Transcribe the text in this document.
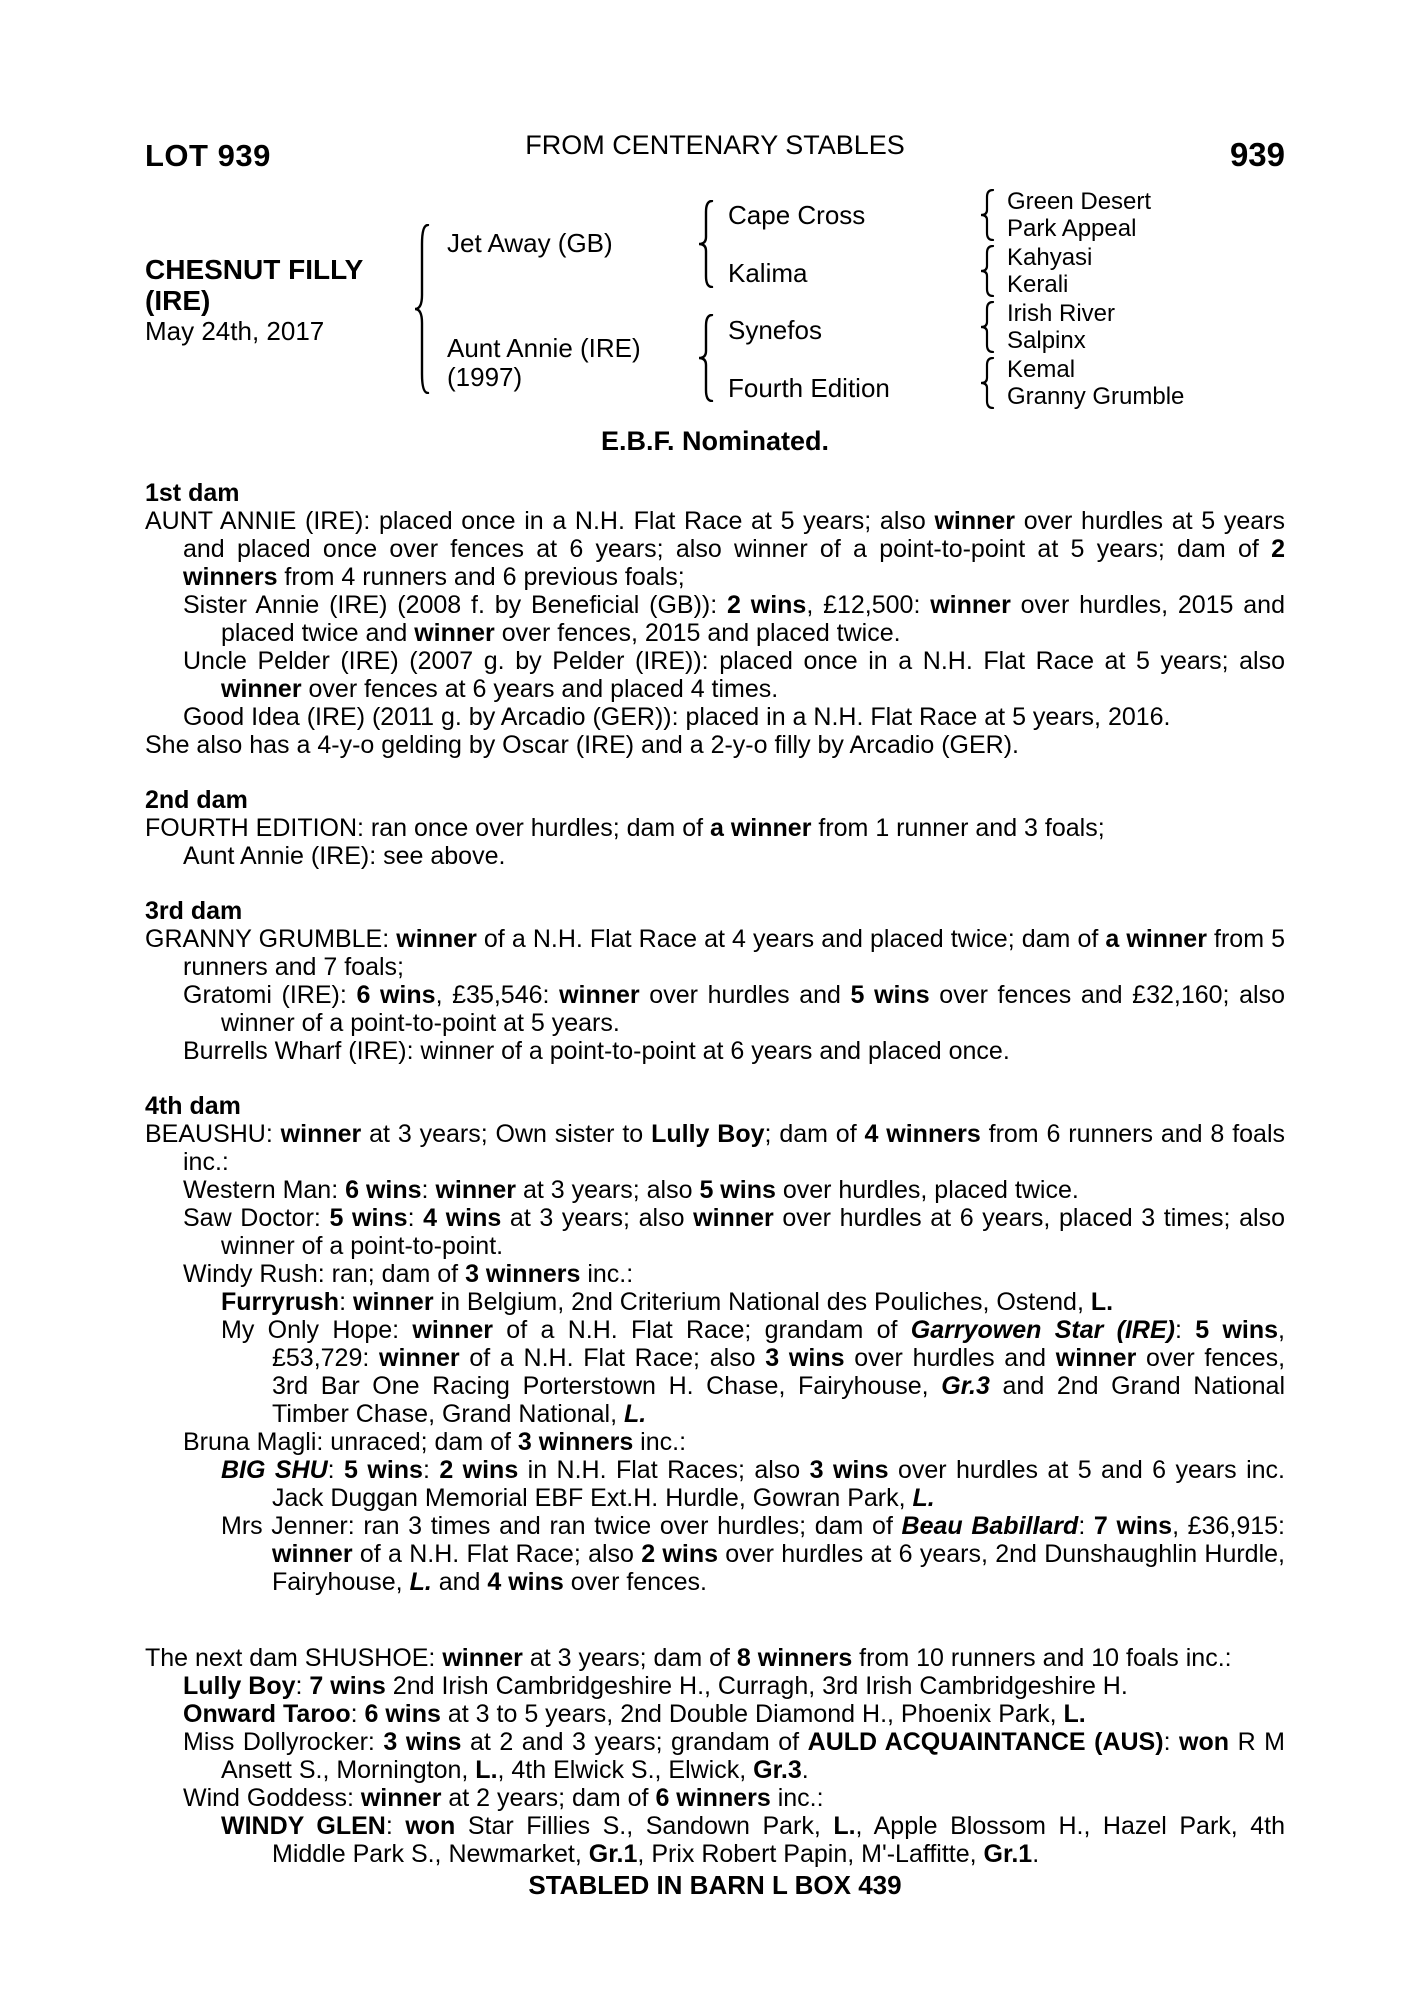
LOT 939	FROM CENTENARY STABLES	939
CHESNUT FILLY
(IRE)
May 24th, 2017
Jet Away (GB)
Aunt Annie (IRE)
(1997)
Cape Cross
Kalima
Synefos
Fourth Edition
Green Desert
Park Appeal
Kahyasi
Kerali
Irish River
Salpinx
Kemal
Granny Grumble
E.B.F. Nominated.
1st dam

AUNT ANNIE (IRE): placed once in a N.H. Flat Race at 5 years; also winner over hurdles at 5 years and placed once over fences at 6 years; also winner of a point-to-point at 5 years; dam of 2 winners from 4 runners and 6 previous foals;

Sister Annie (IRE) (2008 f. by Beneficial (GB)): 2 wins, £12,500: winner over hurdles, 2015 and placed twice and winner over fences, 2015 and placed twice.

Uncle Pelder (IRE) (2007 g. by Pelder (IRE)): placed once in a N.H. Flat Race at 5 years; also winner over fences at 6 years and placed 4 times.

Good Idea (IRE) (2011 g. by Arcadio (GER)): placed in a N.H. Flat Race at 5 years, 2016.

She also has a 4-y-o gelding by Oscar (IRE) and a 2-y-o filly by Arcadio (GER).

2nd dam

FOURTH EDITION: ran once over hurdles; dam of a winner from 1 runner and 3 foals;

Aunt Annie (IRE): see above.

3rd dam

GRANNY GRUMBLE: winner of a N.H. Flat Race at 4 years and placed twice; dam of a winner from 5 runners and 7 foals;

Gratomi (IRE): 6 wins, £35,546: winner over hurdles and 5 wins over fences and £32,160; also winner of a point-to-point at 5 years.

Burrells Wharf (IRE): winner of a point-to-point at 6 years and placed once.

4th dam

BEAUSHU: winner at 3 years; Own sister to Lully Boy; dam of 4 winners from 6 runners and 8 foals inc.:

Western Man: 6 wins: winner at 3 years; also 5 wins over hurdles, placed twice.

Saw Doctor: 5 wins: 4 wins at 3 years; also winner over hurdles at 6 years, placed 3 times; also winner of a point-to-point.

Windy Rush: ran; dam of 3 winners inc.:

Furryrush: winner in Belgium, 2nd Criterium National des Pouliches, Ostend, L.

My Only Hope: winner of a N.H. Flat Race; grandam of Garryowen Star (IRE): 5 wins, £53,729: winner of a N.H. Flat Race; also 3 wins over hurdles and winner over fences, 3rd Bar One Racing Porterstown H. Chase, Fairyhouse, Gr.3 and 2nd Grand National Timber Chase, Grand National, L.

Bruna Magli: unraced; dam of 3 winners inc.:

BIG SHU: 5 wins: 2 wins in N.H. Flat Races; also 3 wins over hurdles at 5 and 6 years inc. Jack Duggan Memorial EBF Ext.H. Hurdle, Gowran Park, L.

Mrs Jenner: ran 3 times and ran twice over hurdles; dam of Beau Babillard: 7 wins, £36,915: winner of a N.H. Flat Race; also 2 wins over hurdles at 6 years, 2nd Dunshaughlin Hurdle, Fairyhouse, L. and 4 wins over fences.

The next dam SHUSHOE: winner at 3 years; dam of 8 winners from 10 runners and 10 foals inc.:

Lully Boy: 7 wins 2nd Irish Cambridgeshire H., Curragh, 3rd Irish Cambridgeshire H.

Onward Taroo: 6 wins at 3 to 5 years, 2nd Double Diamond H., Phoenix Park, L.

Miss Dollyrocker: 3 wins at 2 and 3 years; grandam of AULD ACQUAINTANCE (AUS): won R M Ansett S., Mornington, L., 4th Elwick S., Elwick, Gr.3.

Wind Goddess: winner at 2 years; dam of 6 winners inc.:

WINDY GLEN: won Star Fillies S., Sandown Park, L., Apple Blossom H., Hazel Park, 4th Middle Park S., Newmarket, Gr.1, Prix Robert Papin, M'-Laffitte, Gr.1.

STABLED IN BARN L BOX 439
